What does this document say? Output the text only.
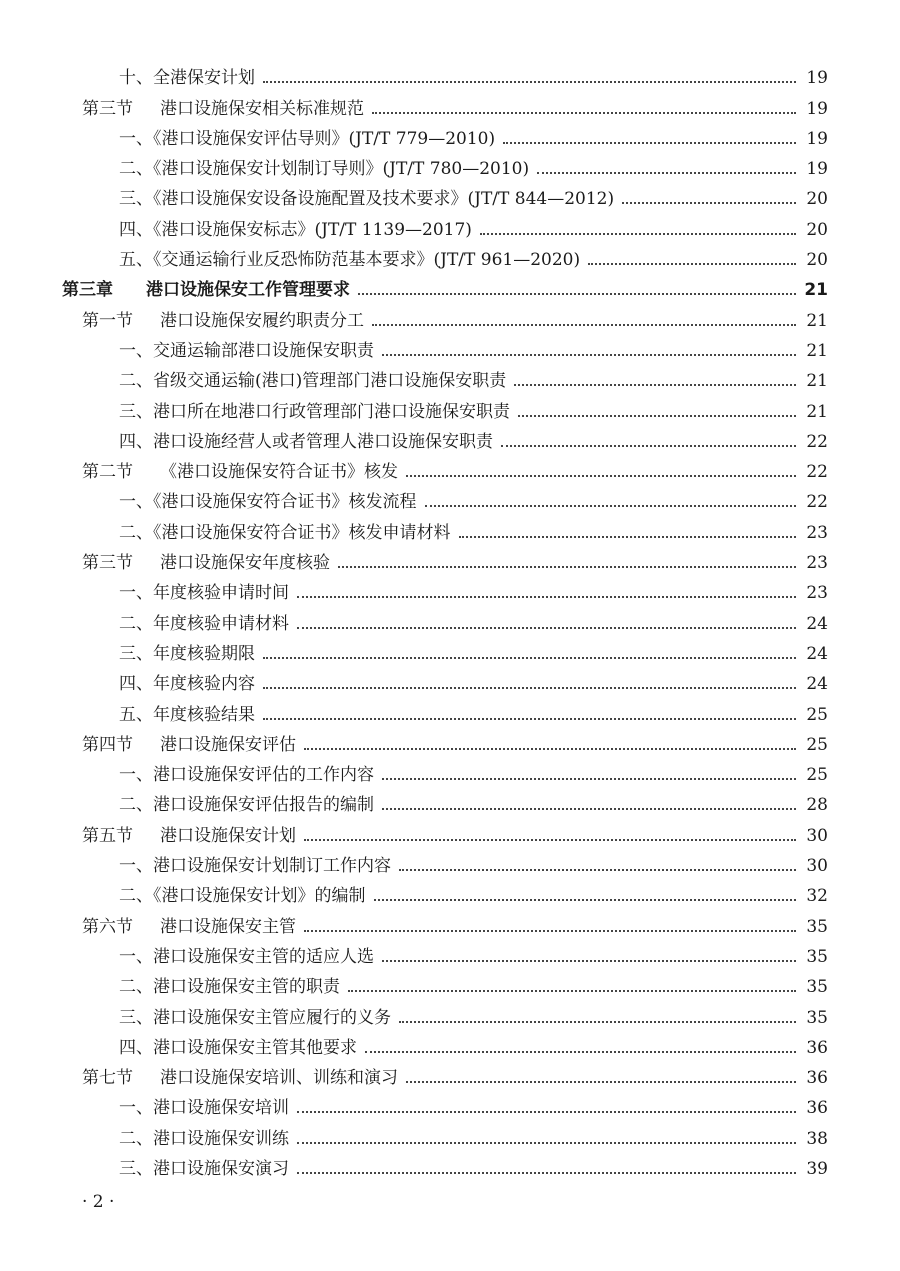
十、全港保安计划	19
第三节 港口设施保安相关标准规范	19
一、《港口设施保安评估导则》(JT/T 779—2010)	19
二、《港口设施保安计划制订导则》(JT/T 780—2010)	19
三、《港口设施保安设备设施配置及技术要求》(JT/T 844—2012)	20
四、《港口设施保安标志》(JT/T 1139—2017)	20
五、《交通运输行业反恐怖防范基本要求》(JT/T 961—2020)	20
第三章 港口设施保安工作管理要求	21
第一节 港口设施保安履约职责分工	21
一、交通运输部港口设施保安职责	21
二、省级交通运输(港口)管理部门港口设施保安职责	21
三、港口所在地港口行政管理部门港口设施保安职责	21
四、港口设施经营人或者管理人港口设施保安职责	22
第二节 《港口设施保安符合证书》核发	22
一、《港口设施保安符合证书》核发流程	22
二、《港口设施保安符合证书》核发申请材料	23
第三节 港口设施保安年度核验	23
一、年度核验申请时间	23
二、年度核验申请材料	24
三、年度核验期限	24
四、年度核验内容	24
五、年度核验结果	25
第四节 港口设施保安评估	25
一、港口设施保安评估的工作内容	25
二、港口设施保安评估报告的编制	28
第五节 港口设施保安计划	30
一、港口设施保安计划制订工作内容	30
二、《港口设施保安计划》的编制	32
第六节 港口设施保安主管	35
一、港口设施保安主管的适应人选	35
二、港口设施保安主管的职责	35
三、港口设施保安主管应履行的义务	35
四、港口设施保安主管其他要求	36
第七节 港口设施保安培训、训练和演习	36
一、港口设施保安培训	36
二、港口设施保安训练	38
三、港口设施保安演习	39
· 2 ·
